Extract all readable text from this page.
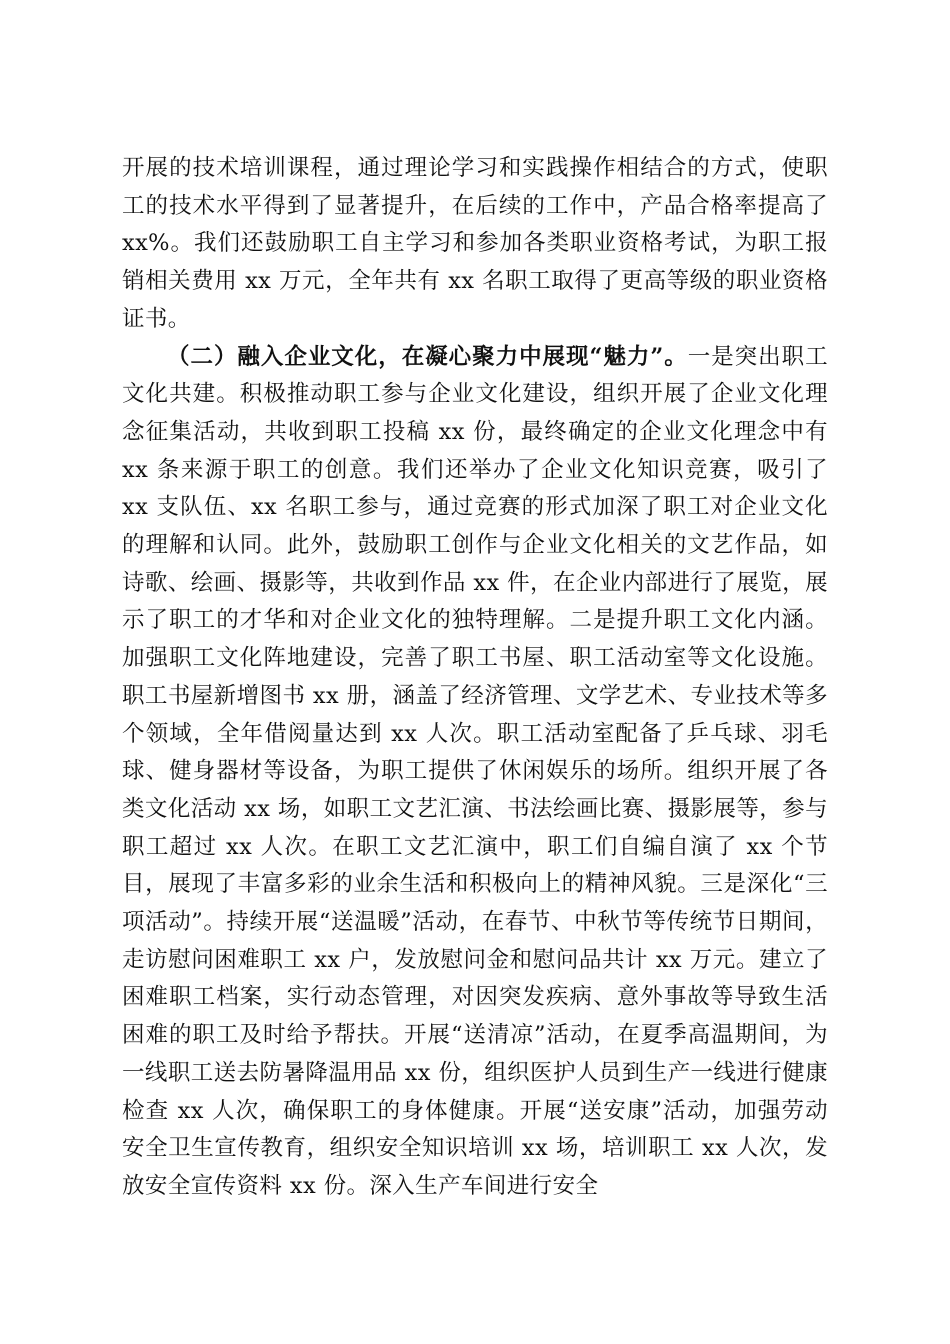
开展的技术培训课程，通过理论学习和实践操作相结合的方式，使职工的技术水平得到了显著提升，在后续的工作中，产品合格率提高了 xx%。我们还鼓励职工自主学习和参加各类职业资格考试，为职工报销相关费用 xx 万元，全年共有 xx 名职工取得了更高等级的职业资格证书。

（二）融入企业文化，在凝心聚力中展现“魅力”。一是突出职工文化共建。积极推动职工参与企业文化建设，组织开展了企业文化理念征集活动，共收到职工投稿 xx 份，最终确定的企业文化理念中有 xx 条来源于职工的创意。我们还举办了企业文化知识竞赛，吸引了 xx 支队伍、xx 名职工参与，通过竞赛的形式加深了职工对企业文化的理解和认同。此外，鼓励职工创作与企业文化相关的文艺作品，如诗歌、绘画、摄影等，共收到作品 xx 件，在企业内部进行了展览，展示了职工的才华和对企业文化的独特理解。二是提升职工文化内涵。加强职工文化阵地建设，完善了职工书屋、职工活动室等文化设施。职工书屋新增图书 xx 册，涵盖了经济管理、文学艺术、专业技术等多个领域，全年借阅量达到 xx 人次。职工活动室配备了乒乓球、羽毛球、健身器材等设备，为职工提供了休闲娱乐的场所。组织开展了各类文化活动 xx 场，如职工文艺汇演、书法绘画比赛、摄影展等，参与职工超过 xx 人次。在职工文艺汇演中，职工们自编自演了 xx 个节目，展现了丰富多彩的业余生活和积极向上的精神风貌。三是深化“三项活动”。持续开展“送温暖”活动，在春节、中秋节等传统节日期间，走访慰问困难职工 xx 户，发放慰问金和慰问品共计 xx 万元。建立了困难职工档案，实行动态管理，对因突发疾病、意外事故等导致生活困难的职工及时给予帮扶。开展“送清凉”活动，在夏季高温期间，为一线职工送去防暑降温用品 xx 份，组织医护人员到生产一线进行健康检查 xx 人次，确保职工的身体健康。开展“送安康”活动，加强劳动安全卫生宣传教育，组织安全知识培训 xx 场，培训职工 xx 人次，发放安全宣传资料 xx 份。深入生产车间进行安全
